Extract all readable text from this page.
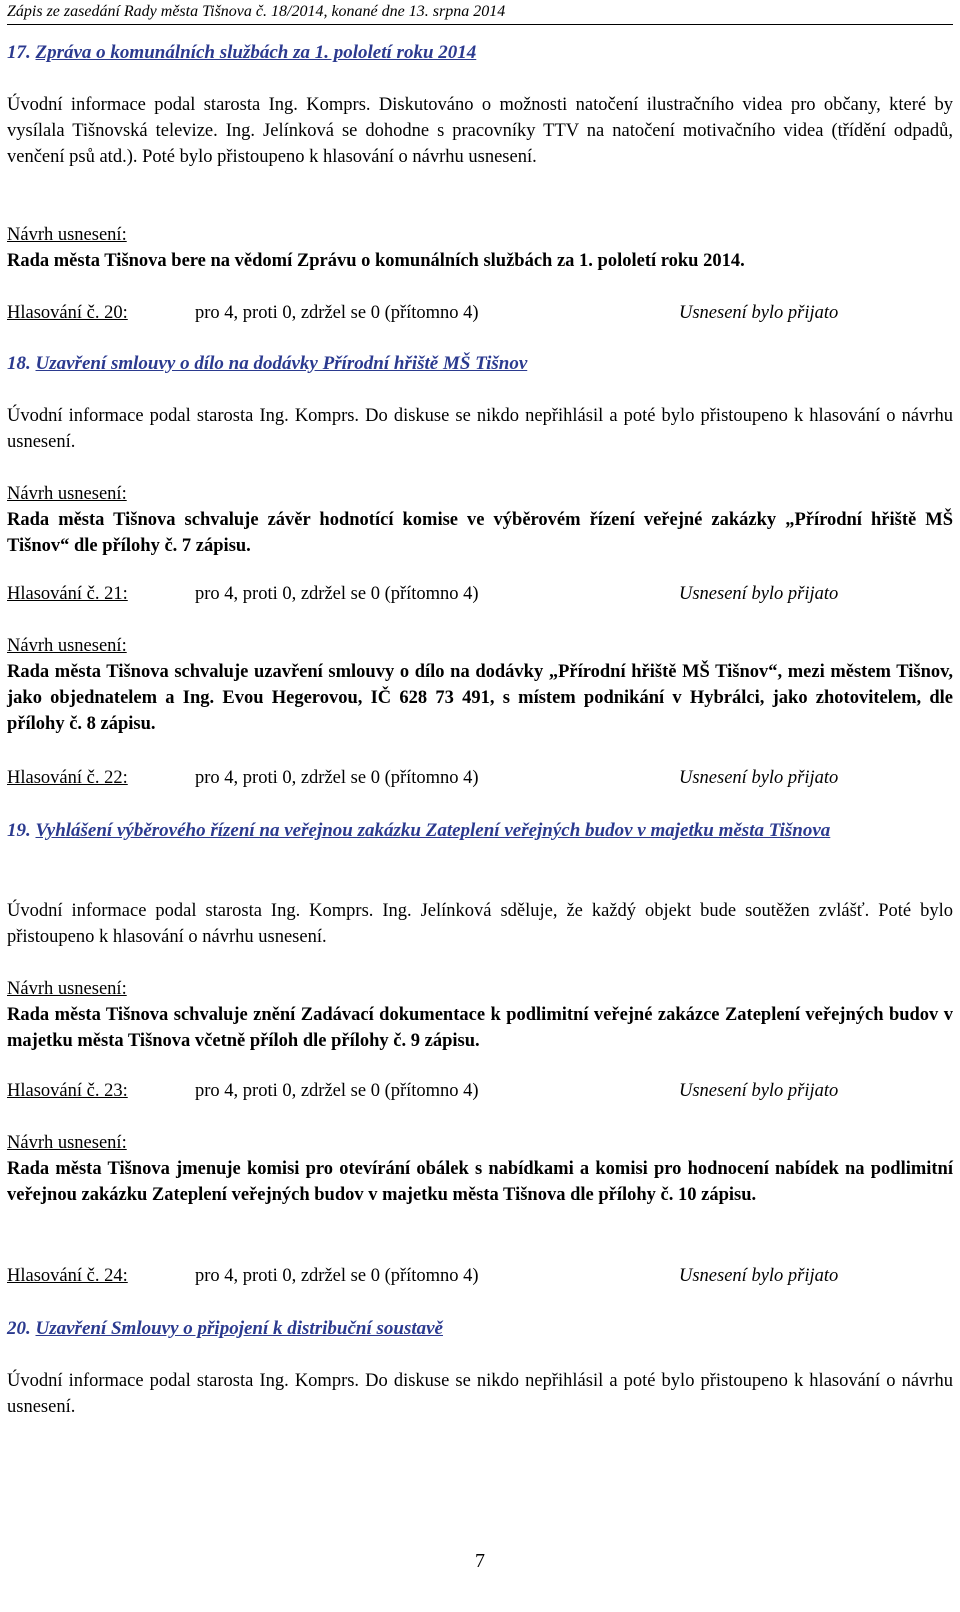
Zápis ze zasedání Rady města Tišnova č. 18/2014, konané dne 13. srpna 2014
17. Zpráva o komunálních službách za 1. pololetí roku 2014
Úvodní informace podal starosta Ing. Komprs. Diskutováno o možnosti natočení ilustračního videa pro občany, které by vysílala Tišnovská televize. Ing. Jelínková se dohodne s pracovníky TTV na natočení motivačního videa (třídění odpadů, venčení psů atd.). Poté bylo přistoupeno k hlasování o návrhu usnesení.
Návrh usnesení:
Rada města Tišnova bere na vědomí Zprávu o komunálních službách za 1. pololetí roku 2014.
Hlasování č. 20:	pro 4, proti 0, zdržel se 0 (přítomno 4)	Usnesení bylo přijato
18. Uzavření smlouvy o dílo na dodávky Přírodní hřiště MŠ Tišnov
Úvodní informace podal starosta Ing. Komprs. Do diskuse se nikdo nepřihlásil a poté bylo přistoupeno k hlasování o návrhu usnesení.
Návrh usnesení:
Rada města Tišnova schvaluje závěr hodnotící komise ve výběrovém řízení veřejné zakázky „Přírodní hřiště MŠ Tišnov“ dle přílohy č. 7 zápisu.
Hlasování č. 21:	pro 4, proti 0, zdržel se 0 (přítomno 4)	Usnesení bylo přijato
Návrh usnesení:
Rada města Tišnova schvaluje uzavření smlouvy o dílo na dodávky „Přírodní hřiště MŠ Tišnov“, mezi městem Tišnov, jako objednatelem a Ing. Evou Hegerovou, IČ 628 73 491, s místem podnikání v Hybrálci, jako zhotovitelem, dle přílohy č. 8 zápisu.
Hlasování č. 22:	pro 4, proti 0, zdržel se 0 (přítomno 4)	Usnesení bylo přijato
19. Vyhlášení výběrového řízení na veřejnou zakázku Zateplení veřejných budov v majetku města Tišnova
Úvodní informace podal starosta Ing. Komprs. Ing. Jelínková sděluje, že každý objekt bude soutěžen zvlášť. Poté bylo přistoupeno k hlasování o návrhu usnesení.
Návrh usnesení:
Rada města Tišnova schvaluje znění Zadávací dokumentace k podlimitní veřejné zakázce Zateplení veřejných budov v majetku města Tišnova včetně příloh dle přílohy č. 9 zápisu.
Hlasování č. 23:	pro 4, proti 0, zdržel se 0 (přítomno 4)	Usnesení bylo přijato
Návrh usnesení:
Rada města Tišnova jmenuje komisi pro otevírání obálek s nabídkami a komisi pro hodnocení nabídek na podlimitní veřejnou zakázku Zateplení veřejných budov v majetku města Tišnova dle přílohy č. 10 zápisu.
Hlasování č. 24:	pro 4, proti 0, zdržel se 0 (přítomno 4)	Usnesení bylo přijato
20. Uzavření Smlouvy o připojení k distribuční soustavě
Úvodní informace podal starosta Ing. Komprs. Do diskuse se nikdo nepřihlásil a poté bylo přistoupeno k hlasování o návrhu usnesení.
7
